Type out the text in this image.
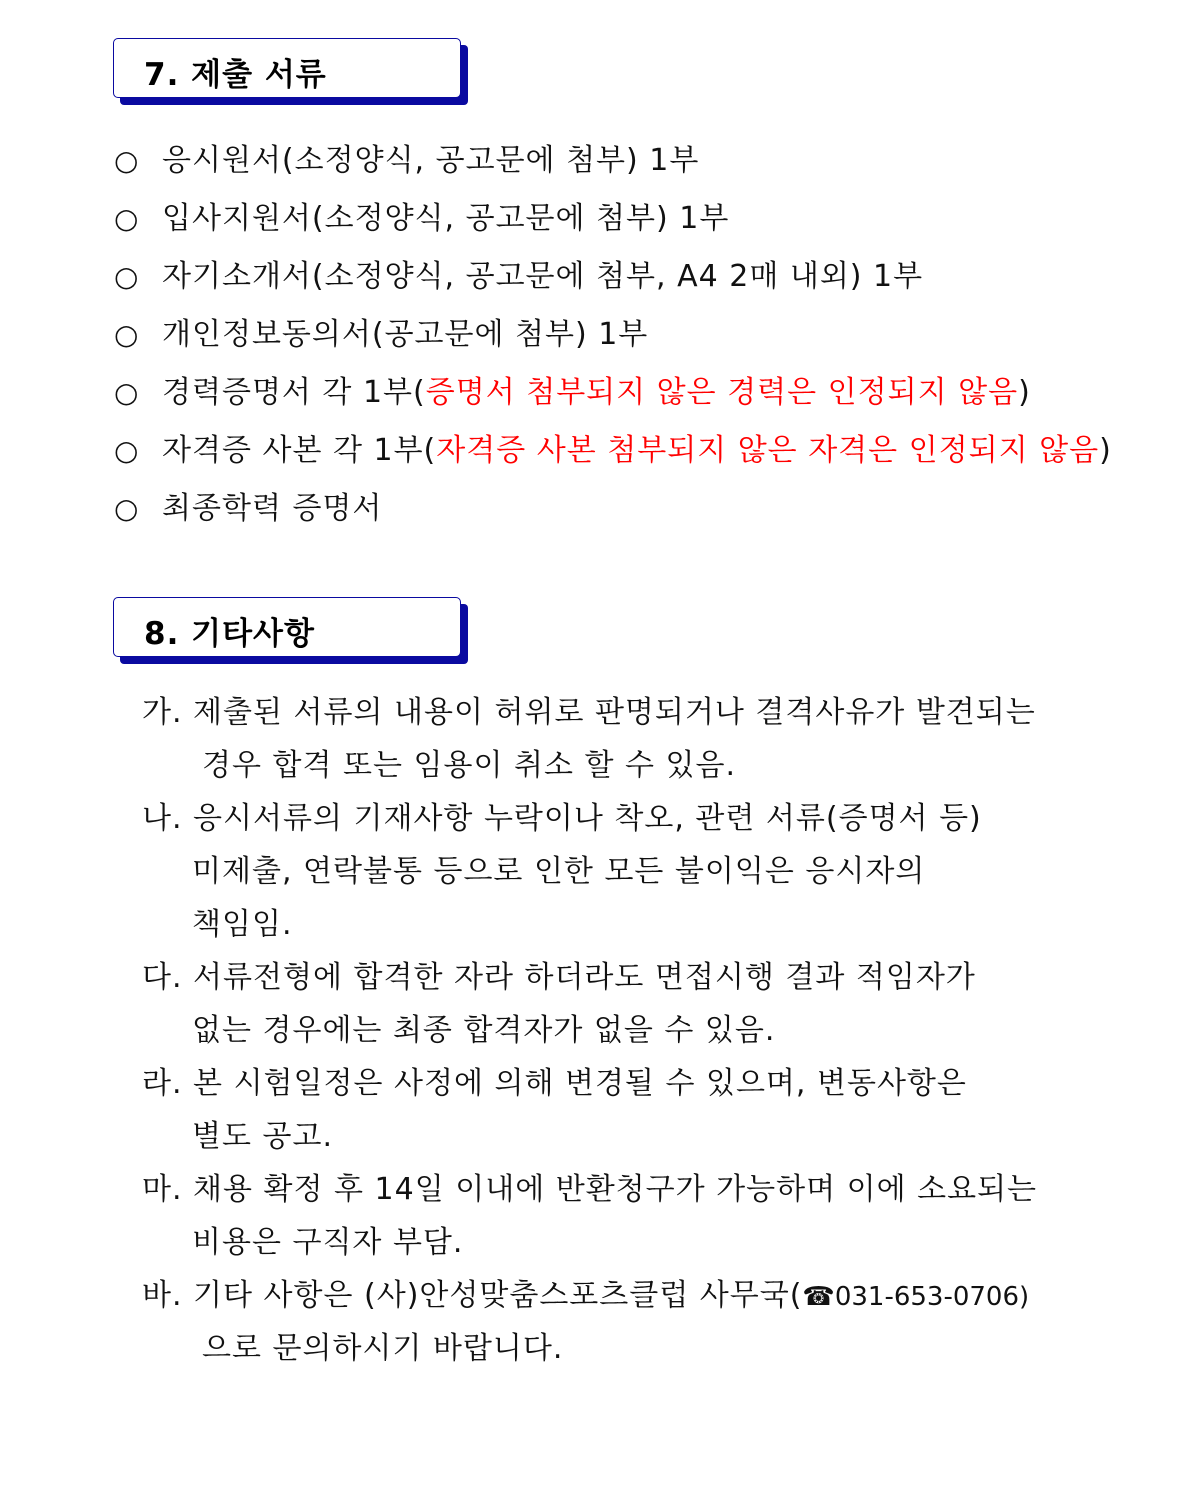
7. 제출 서류
○ 응시원서(소정양식, 공고문에 첨부) 1부
○ 입사지원서(소정양식, 공고문에 첨부) 1부
○ 자기소개서(소정양식, 공고문에 첨부, A4 2매 내외) 1부
○ 개인정보동의서(공고문에 첨부) 1부
○ 경력증명서 각 1부(증명서 첨부되지 않은 경력은 인정되지 않음)
○ 자격증 사본 각 1부(자격증 사본 첨부되지 않은 자격은 인정되지 않음)
○ 최종학력 증명서
8. 기타사항
가. 제출된 서류의 내용이 허위로 판명되거나 결격사유가 발견되는
경우 합격 또는 임용이 취소 할 수 있음.
나. 응시서류의 기재사항 누락이나 착오, 관련 서류(증명서 등)
미제출, 연락불통 등으로 인한 모든 불이익은 응시자의
책임임.
다. 서류전형에 합격한 자라 하더라도 면접시행 결과 적임자가
없는 경우에는 최종 합격자가 없을 수 있음.
라. 본 시험일정은 사정에 의해 변경될 수 있으며, 변동사항은
별도 공고.
마. 채용 확정 후 14일 이내에 반환청구가 가능하며 이에 소요되는
비용은 구직자 부담.
바. 기타 사항은 (사)안성맞춤스포츠클럽 사무국(☎031-653-0706)
으로 문의하시기 바랍니다.
